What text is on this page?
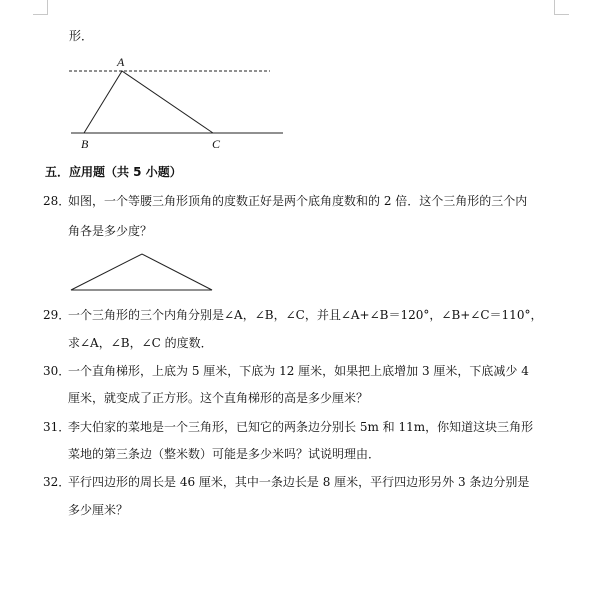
形．
A
B	C
五．应用题（共 5 小题）
28．
如图，一个等腰三角形顶角的度数正好是两个底角度数和的 2 倍．这个三角形的三个内
角各是多少度？
29．
一个三角形的三个内角分别是∠A，∠B，∠C，并且∠A+∠B＝120°，∠B+∠C＝110°，
求∠A，∠B，∠C 的度数．
30．
一个直角梯形，上底为 5 厘米，下底为 12 厘米，如果把上底增加 3 厘米，下底减少 4
厘米，就变成了正方形。这个直角梯形的高是多少厘米？
31．
李大伯家的菜地是一个三角形，已知它的两条边分别长 5m 和 11m，你知道这块三角形
菜地的第三条边（整米数）可能是多少米吗？试说明理由．
32．
平行四边形的周长是 46 厘米，其中一条边长是 8 厘米，平行四边形另外 3 条边分别是
多少厘米？
